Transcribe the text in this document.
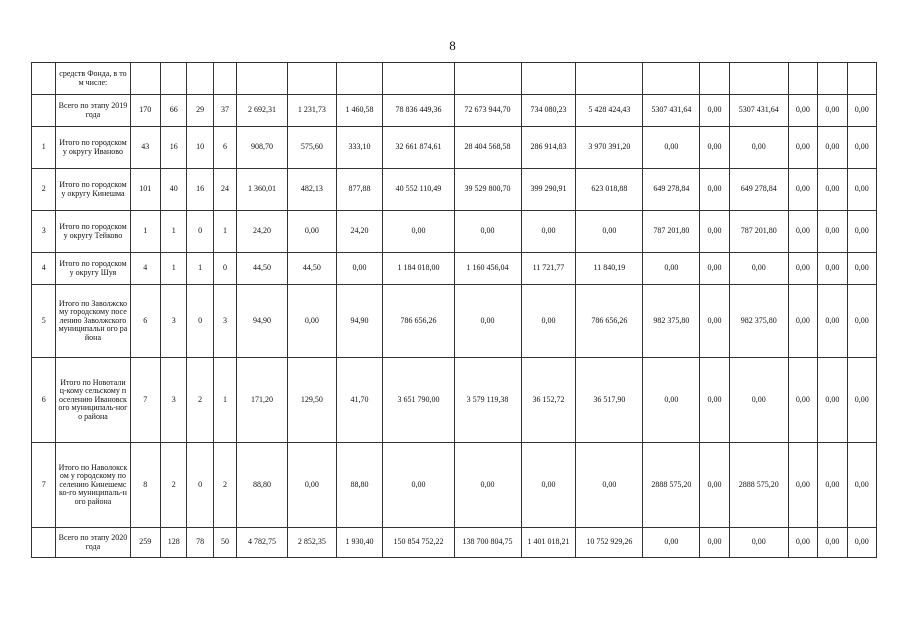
8
	средств Фонда, в том числе:																	
	Всего по этапу 2019 года	170	66	29	37	2 692,31	1 231,73	1 460,58	78 836 449,36	72 673 944,70	734 080,23	5 428 424,43	5307 431,64	0,00	5307 431,64	0,00	0,00	0,00
1	Итого по городскому округу Иваново	43	16	10	6	908,70	575,60	333,10	32 661 874,61	28 404 568,58	286 914,83	3 970 391,20	0,00	0,00	0,00	0,00	0,00	0,00
2	Итого по городскому округу Кинешма	101	40	16	24	1 360,01	482,13	877,88	40 552 110,49	39 529 800,70	399 290,91	623 018,88	649 278,84	0,00	649 278,84	0,00	0,00	0,00
3	Итого по городскому округу Тейково	1	1	0	1	24,20	0,00	24,20	0,00	0,00	0,00	0,00	787 201,80	0,00	787 201,80	0,00	0,00	0,00
4	Итого по городскому округу Шуя	4	1	1	0	44,50	44,50	0,00	1 184 018,00	1 160 456,04	11 721,77	11 840,19	0,00	0,00	0,00	0,00	0,00	0,00
5	Итого по Заволжскому городскому поселению Заволжского муниципальн ого района	6	3	0	3	94,90	0,00	94,90	786 656,26	0,00	0,00	786 656,26	982 375,80	0,00	982 375,80	0,00	0,00	0,00
6	Итого по Новоталиц-кому сельскому поселению Ивановского муниципаль-ного района	7	3	2	1	171,20	129,50	41,70	3 651 790,00	3 579 119,38	36 152,72	36 517,90	0,00	0,00	0,00	0,00	0,00	0,00
7	Итого по Наволокском у городскому поселению Кинешемско-го муниципаль-ного района	8	2	0	2	88,80	0,00	88,80	0,00	0,00	0,00	0,00	2888 575,20	0,00	2888 575,20	0,00	0,00	0,00
	Всего по этапу 2020 года	259	128	78	50	4 782,75	2 852,35	1 930,40	150 854 752,22	138 700 804,75	1 401 018,21	10 752 929,26	0,00	0,00	0,00	0,00	0,00	0,00
